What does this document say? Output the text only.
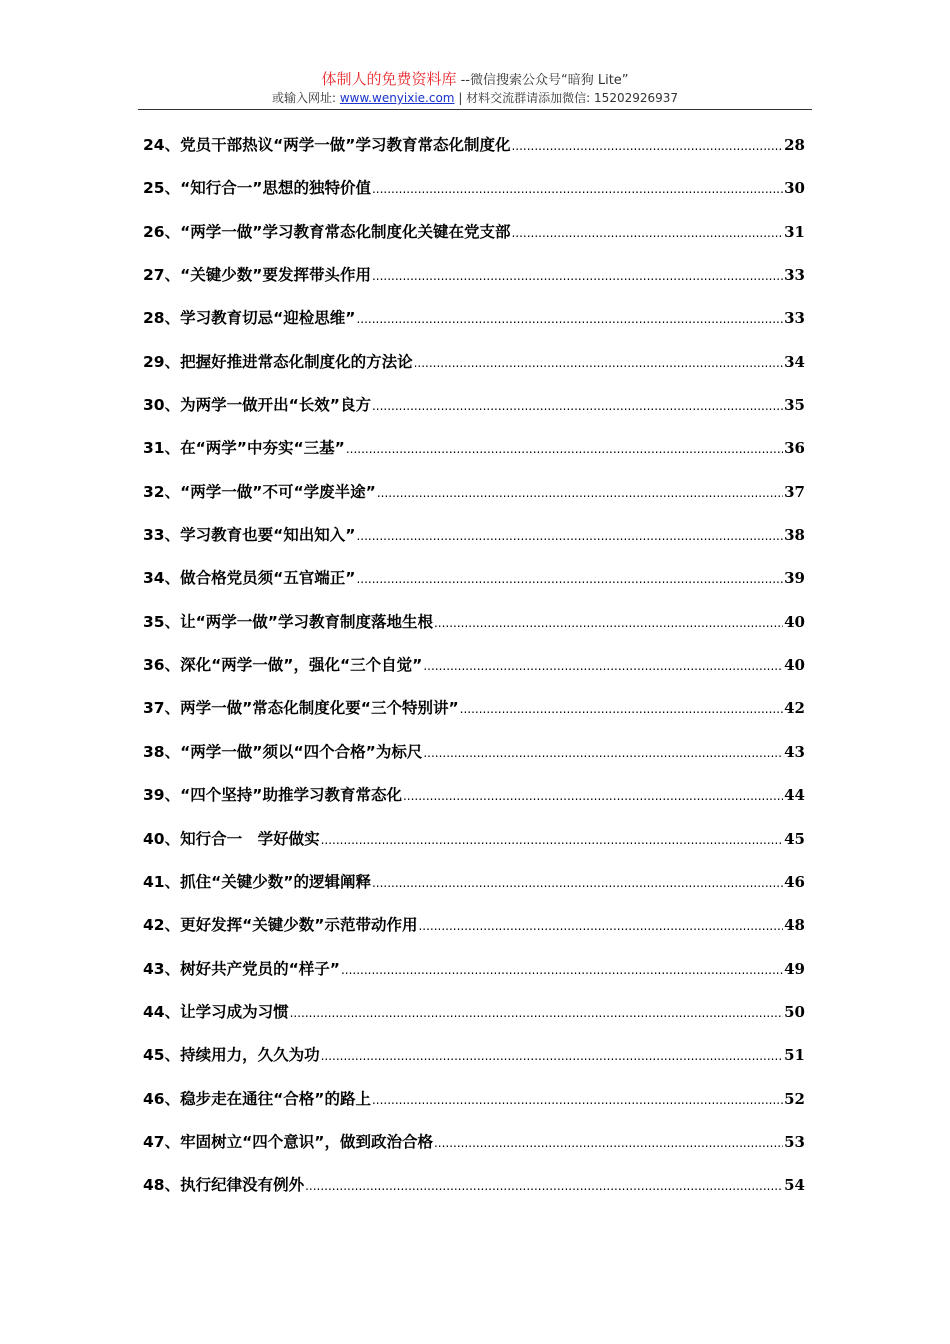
体制人的免费资料库 --微信搜索公众号“暗狗 Lite”
或输入网址: www.wenyixie.com | 材料交流群请添加微信: 15202926937
24、党员干部热议“两学一做”学习教育常态化制度化 .....	28
25、“知行合一”思想的独特价值 .....	30
26、“两学一做”学习教育常态化制度化关键在党支部 .....	31
27、“关键少数”要发挥带头作用 .....	33
28、学习教育切忌“迎检思维” .....	33
29、把握好推进常态化制度化的方法论 .....	34
30、为两学一做开出“长效”良方 .....	35
31、在“两学”中夯实“三基” .....	36
32、“两学一做”不可“学废半途” .....	37
33、学习教育也要“知出知入” .....	38
34、做合格党员须“五官端正” .....	39
35、让“两学一做”学习教育制度落地生根 .....	40
36、深化“两学一做”，强化“三个自觉” .....	40
37、两学一做”常态化制度化要“三个特别讲” .....	42
38、“两学一做”须以“四个合格”为标尺 .....	43
39、“四个坚持”助推学习教育常态化 .....	44
40、知行合一　学好做实 .....	45
41、抓住“关键少数”的逻辑阐释 .....	46
42、更好发挥“关键少数”示范带动作用 .....	48
43、树好共产党员的“样子” .....	49
44、让学习成为习惯 .....	50
45、持续用力，久久为功 .....	51
46、稳步走在通往“合格”的路上 .....	52
47、牢固树立“四个意识”，做到政治合格 .....	53
48、执行纪律没有例外 .....	54
